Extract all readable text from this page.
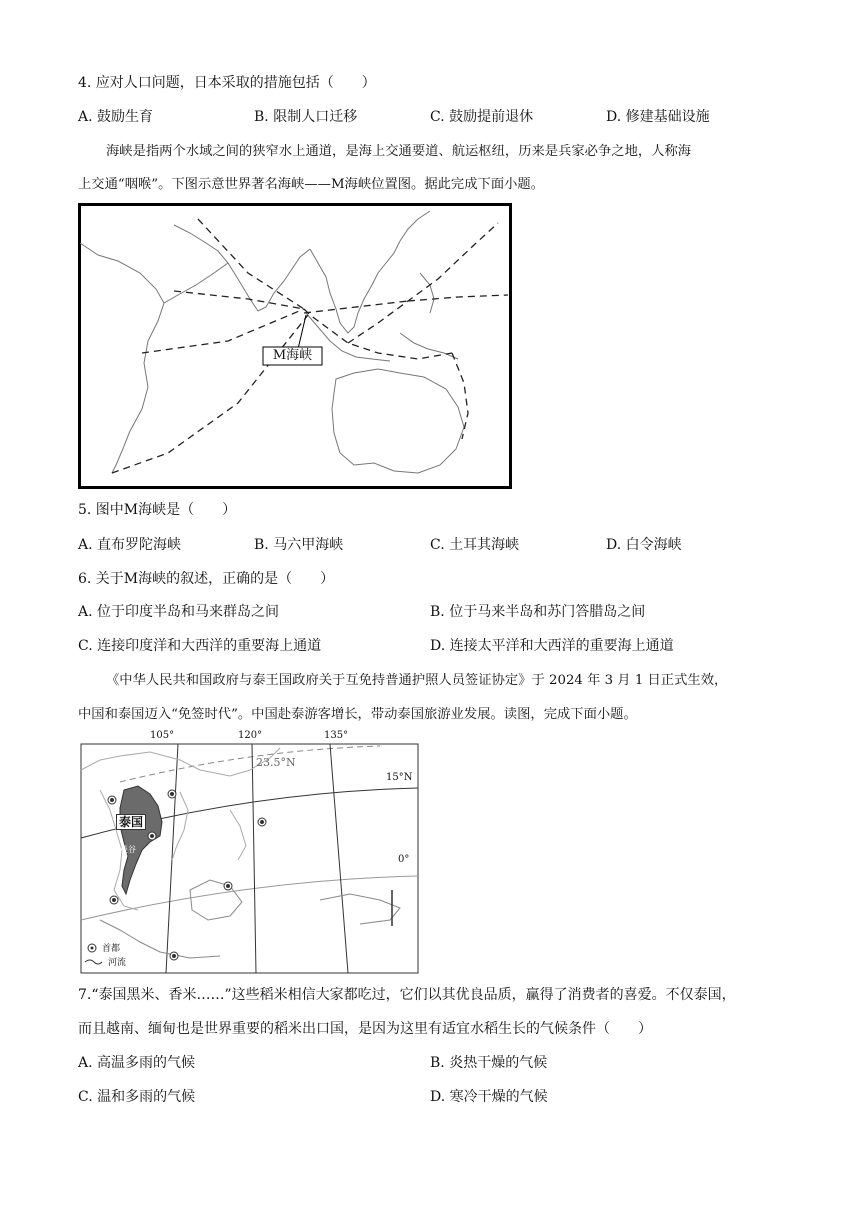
4. 应对人口问题，日本采取的措施包括（　　）
A. 鼓励生育	B. 限制人口迁移	C. 鼓励提前退休	D. 修建基础设施
海峡是指两个水域之间的狭窄水上通道，是海上交通要道、航运枢纽，历来是兵家必争之地，人称海
上交通“咽喉”。下图示意世界著名海峡——M海峡位置图。据此完成下面小题。
M海峡
5. 图中M海峡是（　　）
A. 直布罗陀海峡	B. 马六甲海峡	C. 土耳其海峡	D. 白令海峡
6. 关于M海峡的叙述，正确的是（　　）
A. 位于印度半岛和马来群岛之间	B. 位于马来半岛和苏门答腊岛之间
C. 连接印度洋和大西洋的重要海上通道	D. 连接太平洋和大西洋的重要海上通道
《中华人民共和国政府与泰王国政府关于互免持普通护照人员签证协定》于 2024 年 3 月 1 日正式生效，
中国和泰国迈入“免签时代”。中国赴泰游客增长，带动泰国旅游业发展。读图，完成下面小题。
105°	120°	135°
23.5°N
15°N
0°
泰国
曼谷
首都
河流
7.“泰国黑米、香米……”这些稻米相信大家都吃过，它们以其优良品质，赢得了消费者的喜爱。不仅泰国，
而且越南、缅甸也是世界重要的稻米出口国，是因为这里有适宜水稻生长的气候条件（　　）
A. 高温多雨的气候	B. 炎热干燥的气候
C. 温和多雨的气候	D. 寒冷干燥的气候
